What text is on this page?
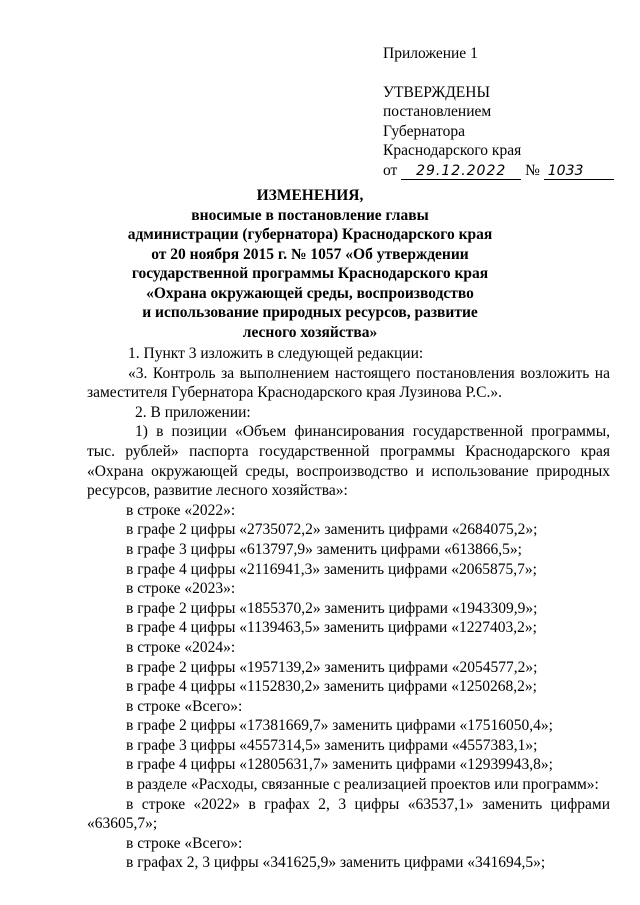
Приложение 1
УТВЕРЖДЕНЫ
постановлением
Губернатора
Краснодарского края
от 29.12.2022 № 1033
ИЗМЕНЕНИЯ,
вносимые в постановление главы
администрации (губернатора) Краснодарского края
от 20 ноября 2015 г. № 1057 «Об утверждении
государственной программы Краснодарского края
«Охрана окружающей среды, воспроизводство
и использование природных ресурсов, развитие
лесного хозяйства»

1. Пункт 3 изложить в следующей редакции:

«3. Контроль за выполнением настоящего постановления возложить на заместителя Губернатора Краснодарского края Лузинова Р.С.».

2. В приложении:

1) в позиции «Объем финансирования государственной программы, тыс. рублей» паспорта государственной программы Краснодарского края «Охрана окружающей среды, воспроизводство и использование природных ресурсов, развитие лесного хозяйства»:

в строке «2022»:

в графе 2 цифры «2735072,2» заменить цифрами «2684075,2»;

в графе 3 цифры «613797,9» заменить цифрами «613866,5»;

в графе 4 цифры «2116941,3» заменить цифрами «2065875,7»;

в строке «2023»:

в графе 2 цифры «1855370,2» заменить цифрами «1943309,9»;

в графе 4 цифры «1139463,5» заменить цифрами «1227403,2»;

в строке «2024»:

в графе 2 цифры «1957139,2» заменить цифрами «2054577,2»;

в графе 4 цифры «1152830,2» заменить цифрами «1250268,2»;

в строке «Всего»:

в графе 2 цифры «17381669,7» заменить цифрами «17516050,4»;

в графе 3 цифры «4557314,5» заменить цифрами «4557383,1»;

в графе 4 цифры «12805631,7» заменить цифрами «12939943,8»;

в разделе «Расходы, связанные с реализацией проектов или программ»:

в строке «2022» в графах 2, 3 цифры «63537,1» заменить цифрами «63605,7»;

в строке «Всего»:

в графах 2, 3 цифры «341625,9» заменить цифрами «341694,5»;
